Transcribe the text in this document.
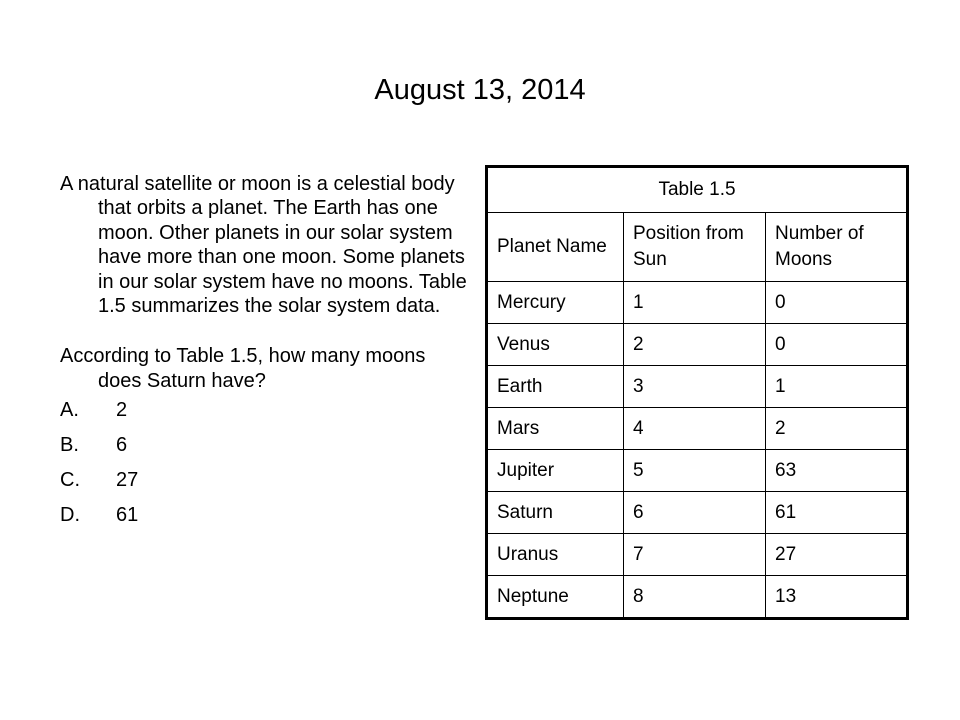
August 13, 2014

A natural satellite or moon is a celestial body that orbits a planet. The Earth has one moon. Other planets in our solar system have more than one moon. Some planets in our solar system have no moons. Table 1.5 summarizes the solar system data.

According to Table 1.5, how many moons does Saturn have?

A. 2
B. 6
C. 27
D. 61
Table 1.5		
Planet Name	Position from Sun	Number of Moons
Mercury	1	0
Venus	2	0
Earth	3	1
Mars	4	2
Jupiter	5	63
Saturn	6	61
Uranus	7	27
Neptune	8	13
